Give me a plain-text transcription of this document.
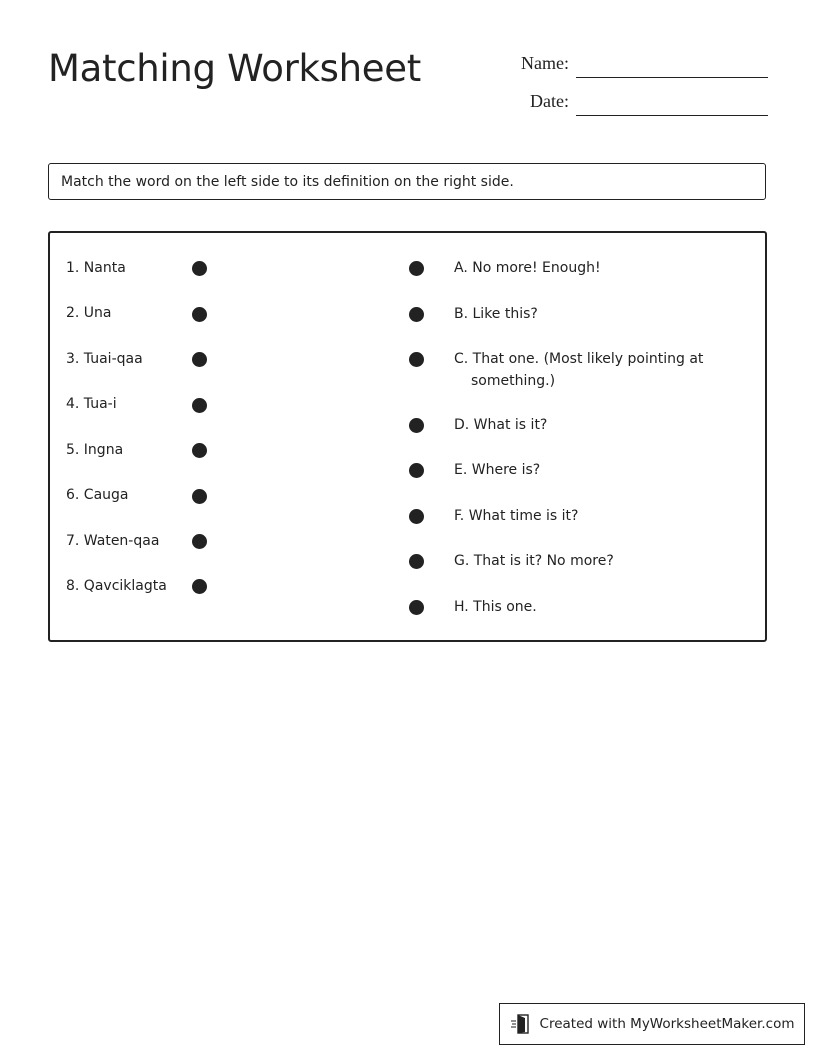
Matching Worksheet	Name:
Date:
Match the word on the left side to its definition on the right side.
1. Nanta
2. Una
3. Tuai-qaa
4. Tua-i
5. Ingna
6. Cauga
7. Waten-qaa
8. Qavciklagta
A. No more! Enough!
B. Like this?
C. That one. (Most likely pointing at something.)
D. What is it?
E. Where is?
F. What time is it?
G. That is it? No more?
H. This one.
Created with MyWorksheetMaker.com
